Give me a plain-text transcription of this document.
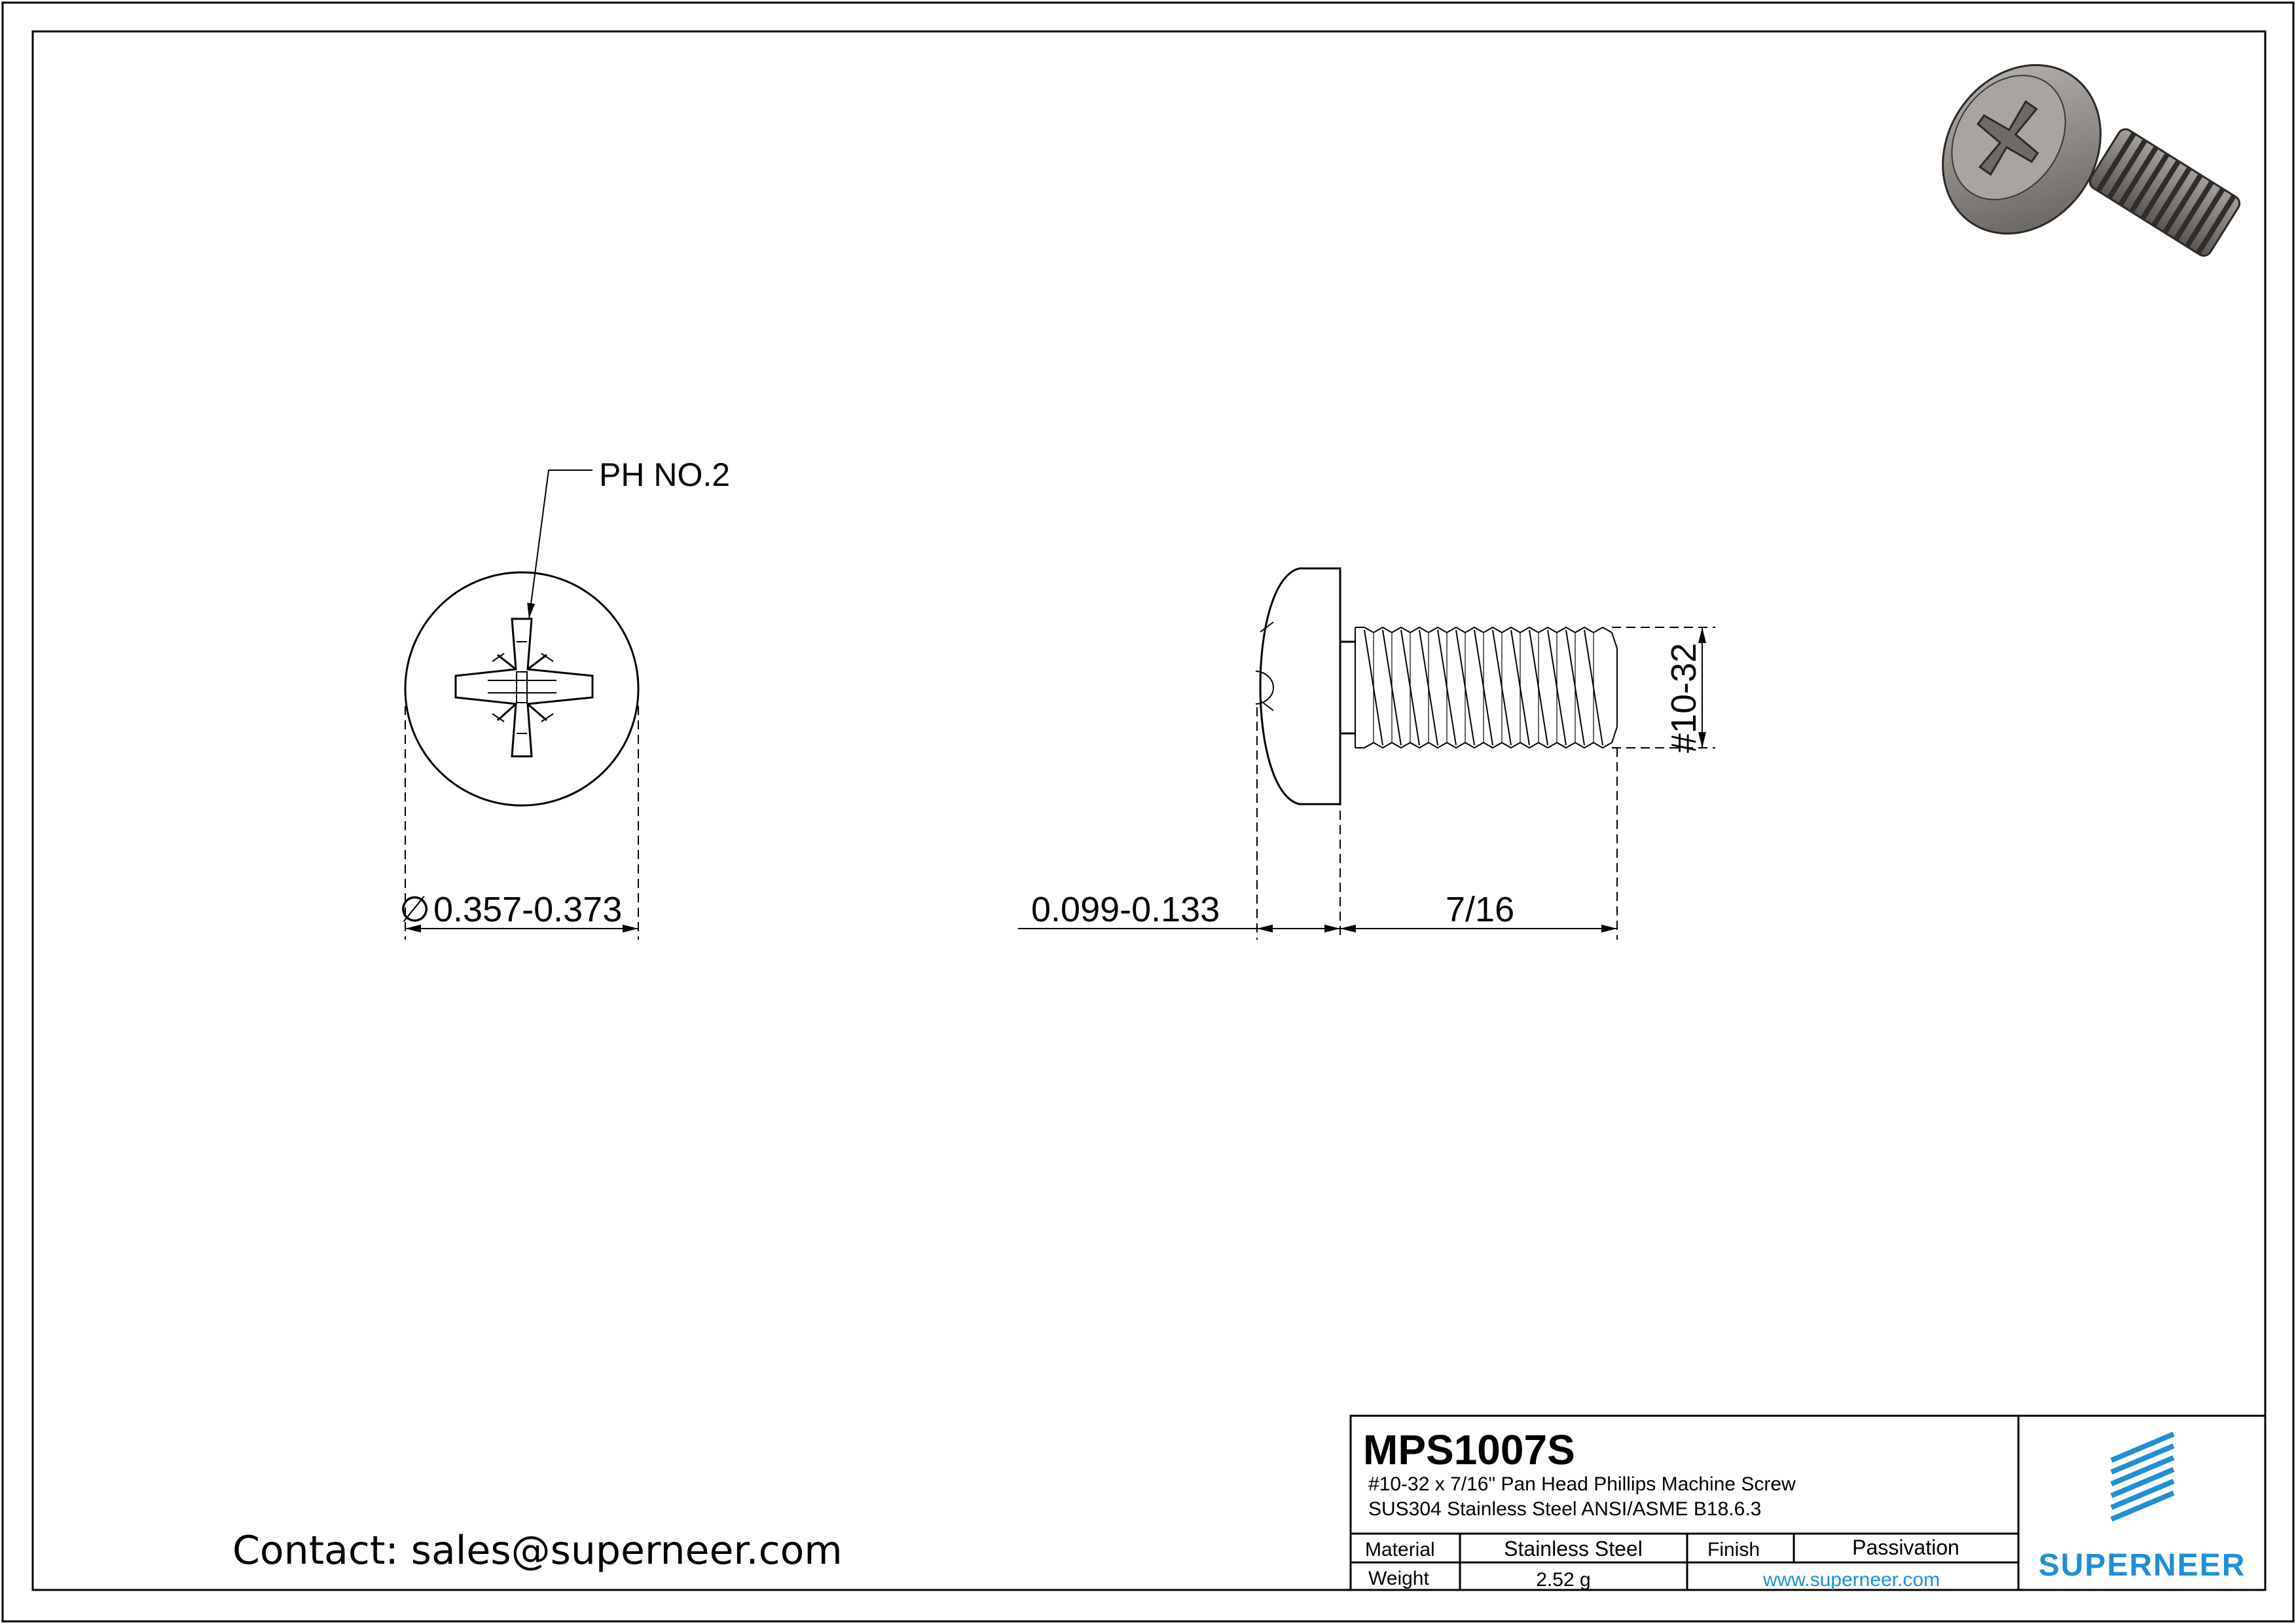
PH NO.2
∅ 0.357-0.373
#10-32
0.099-0.133	7/16
Contact: sales@superneer.com
MPS1007S
#10-32 x 7/16" Pan Head Phillips Machine Screw
SUS304 Stainless Steel ANSI/ASME B18.6.3
Material	Stainless Steel	Finish	Passivation
Weight	2.52 g	www.superneer.com	SUPERNEER
